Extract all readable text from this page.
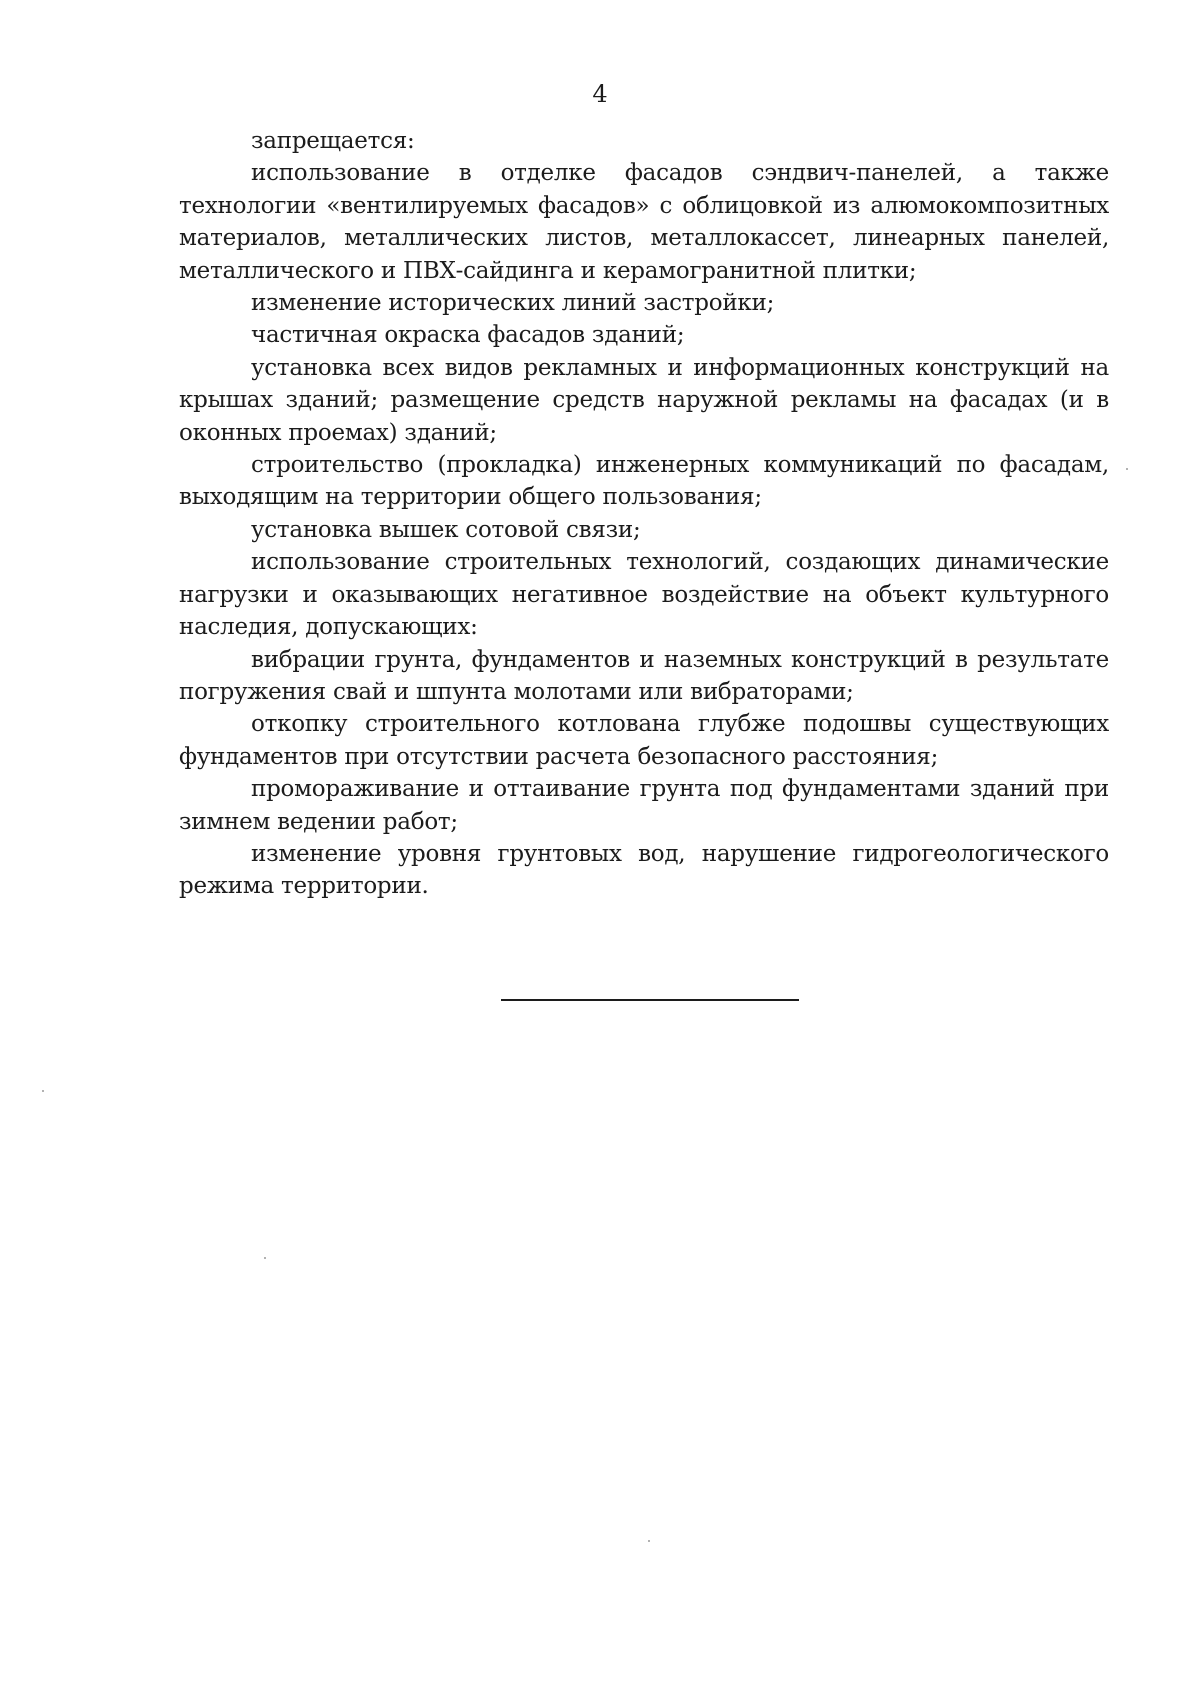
4

запрещается:

использование в отделке фасадов сэндвич-панелей, а также технологии «вентилируемых фасадов» с облицовкой из алюмокомпозитных материалов, металлических листов, металлокассет, линеарных панелей, металлического и ПВХ-сайдинга и керамогранитной плитки;

изменение исторических линий застройки;

частичная окраска фасадов зданий;

установка всех видов рекламных и информационных конструкций на крышах зданий; размещение средств наружной рекламы на фасадах (и в оконных проемах) зданий;

строительство (прокладка) инженерных коммуникаций по фасадам, выходящим на территории общего пользования;

установка вышек сотовой связи;

использование строительных технологий, создающих динамические нагрузки и оказывающих негативное воздействие на объект культурного наследия, допускающих:

вибрации грунта, фундаментов и наземных конструкций в результате погружения свай и шпунта молотами или вибраторами;

откопку строительного котлована глубже подошвы существующих фундаментов при отсутствии расчета безопасного расстояния;

промораживание и оттаивание грунта под фундаментами зданий при зимнем ведении работ;

изменение уровня грунтовых вод, нарушение гидрогеологического режима территории.
